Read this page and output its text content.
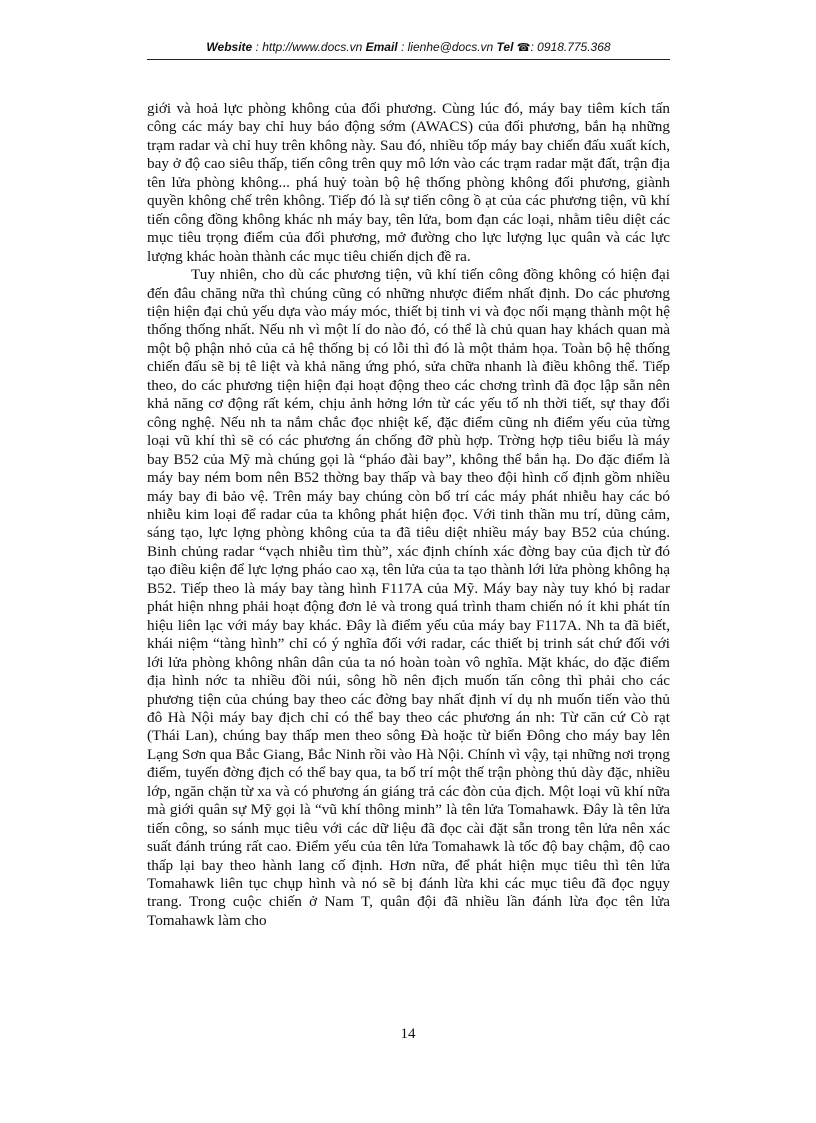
Website : http://www.docs.vn Email : lienhe@docs.vn Tel ☎: 0918.775.368

giới và hoả lực phòng không của đối phương. Cùng lúc đó, máy bay tiêm kích tấn công các máy bay chỉ huy báo động sớm (AWACS) của đối phương, bắn hạ những trạm radar và chỉ huy trên không này. Sau đó, nhiều tốp máy bay chiến đấu xuất kích, bay ở độ cao siêu thấp, tiến công trên quy mô lớn vào các trạm radar mặt đất, trận địa tên lửa phòng không... phá huỷ toàn bộ hệ thống phòng không đối phương, giành quyền không chế trên không. Tiếp đó là sự tiến công ồ ạt của các phương tiện, vũ khí tiến công đồng không khác nh máy bay, tên lửa, bom đạn các loại, nhằm tiêu diệt các mục tiêu trọng điểm của đối phương, mở đường cho lực lượng lục quân và các lực lượng khác hoàn thành các mục tiêu chiến dịch đề ra.

Tuy nhiên, cho dù các phương tiện, vũ khí tiến công đồng không có hiện đại đến đâu chăng nữa thì chúng cũng có những nhược điểm nhất định. Do các phương tiện hiện đại chủ yếu dựa vào máy móc, thiết bị tinh vi và đọc nối mạng thành một hệ thống thống nhất. Nếu nh vì một lí do nào đó, có thể là chủ quan hay khách quan mà một bộ phận nhỏ của cả hệ thống bị có lỗi thì đó là một thảm họa. Toàn bộ hệ thống chiến đấu sẽ bị tê liệt và khả năng ứng phó, sửa chữa nhanh là điều không thể. Tiếp theo, do các phương tiện hiện đại hoạt động theo các chơng trình đã đọc lập sẵn nên khả năng cơ động rất kém, chịu ảnh hởng lớn từ các yếu tố nh thời tiết, sự thay đổi công nghệ. Nếu nh ta nắm chắc đọc nhiệt kế, đặc điểm cũng nh điểm yếu của từng loại vũ khí thì sẽ có các phương án chống đỡ phù hợp. Trờng hợp tiêu biểu là máy bay B52 của Mỹ mà chúng gọi là “pháo đài bay”, không thể bắn hạ. Do đặc điểm là máy bay ném bom nên B52 thờng bay thấp và bay theo đội hình cố định gồm nhiều máy bay đi bảo vệ. Trên máy bay chúng còn bố trí các máy phát nhiễu hay các bó nhiễu kim loại để radar của ta không phát hiện đọc. Với tinh thần mu trí, dũng cảm, sáng tạo, lực lợng phòng không của ta đã tiêu diệt nhiều máy bay B52 của chúng. Binh chủng radar “vạch nhiễu tìm thù”, xác định chính xác đờng bay của địch từ đó tạo điều kiện để lực lợng pháo cao xạ, tên lửa của ta tạo thành lới lửa phòng không hạ B52. Tiếp theo là máy bay tàng hình F117A của Mỹ. Máy bay này tuy khó bị radar phát hiện nhng phải hoạt động đơn lẻ và trong quá trình tham chiến nó ít khi phát tín hiệu liên lạc với máy bay khác. Đây là điểm yếu của máy bay F117A. Nh ta đã biết, khái niệm “tàng hình” chỉ có ý nghĩa đối với radar, các thiết bị trinh sát chứ đối với lới lửa phòng không nhân dân của ta nó hoàn toàn vô nghĩa. Mặt khác, do đặc điểm địa hình nớc ta nhiều đồi núi, sông hồ nên địch muốn tấn công thì phải cho các phương tiện của chúng bay theo các đờng bay nhất định ví dụ nh muốn tiến vào thủ đô Hà Nội máy bay địch chỉ có thể bay theo các phương án nh: Từ căn cứ Cò rạt (Thái Lan), chúng bay thấp men theo sông Đà hoặc từ biển Đông cho máy bay lên Lạng Sơn qua Bắc Giang, Bắc Ninh rồi vào Hà Nội. Chính vì vậy, tại những nơi trọng điểm, tuyến đờng địch có thể bay qua, ta bố trí một thế trận phòng thủ dày đặc, nhiều lớp, ngăn chặn từ xa và có phương án giáng trả các đòn của địch. Một loại vũ khí nữa mà giới quân sự Mỹ gọi là “vũ khí thông minh” là tên lửa Tomahawk. Đây là tên lửa tiến công, so sánh mục tiêu với các dữ liệu đã đọc cài đặt sẵn trong tên lửa nên xác suất đánh trúng rất cao. Điểm yếu của tên lửa Tomahawk là tốc độ bay chậm, độ cao thấp lại bay theo hành lang cố định. Hơn nữa, để phát hiện mục tiêu thì tên lửa Tomahawk liên tục chụp hình và nó sẽ bị đánh lừa khi các mục tiêu đã đọc ngụy trang. Trong cuộc chiến ở Nam T, quân đội đã nhiều lần đánh lừa đọc tên lửa Tomahawk làm cho

14
